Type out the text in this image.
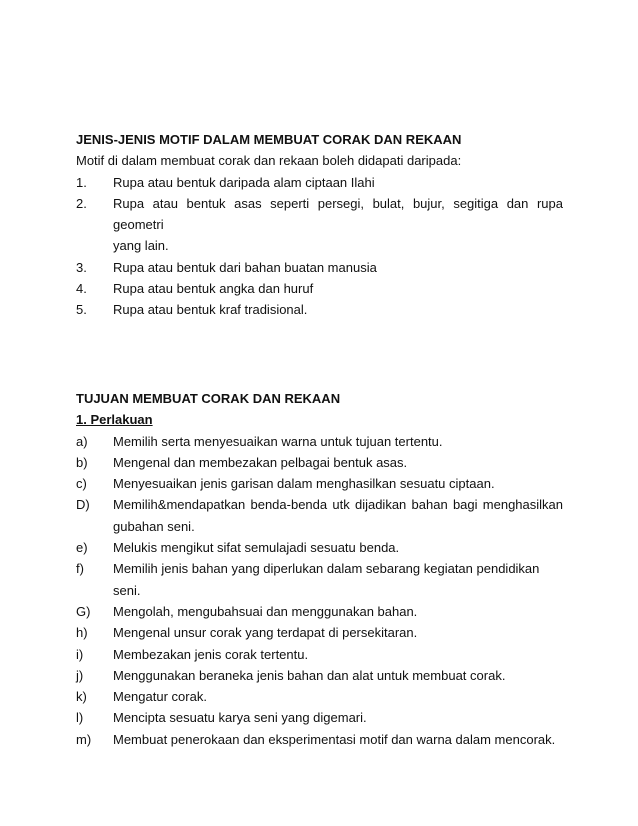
JENIS-JENIS MOTIF DALAM MEMBUAT CORAK DAN REKAAN
Motif di dalam membuat corak dan rekaan boleh didapati daripada:
1.	Rupa atau bentuk daripada alam ciptaan Ilahi
2.	Rupa atau bentuk asas seperti persegi, bulat, bujur, segitiga dan rupa geometri
yang lain.
3.	Rupa atau bentuk dari bahan buatan manusia
4.	Rupa atau bentuk angka dan huruf
5.	Rupa atau bentuk kraf tradisional.
TUJUAN MEMBUAT CORAK DAN REKAAN
1. Perlakuan
a)	Memilih serta menyesuaikan warna untuk tujuan tertentu.
b)	Mengenal dan membezakan pelbagai bentuk asas.
c)	Menyesuaikan jenis garisan dalam menghasilkan sesuatu ciptaan.
D)	Memilih&mendapatkan benda-benda utk dijadikan bahan bagi menghasilkan
gubahan seni.
e)	Melukis mengikut sifat semulajadi sesuatu benda.
f)	Memilih jenis bahan yang diperlukan dalam sebarang kegiatan pendidikan seni.
G)	Mengolah, mengubahsuai dan menggunakan bahan.
h)	Mengenal unsur corak yang terdapat di persekitaran.
i)	Membezakan jenis corak tertentu.
j)	Menggunakan beraneka jenis bahan dan alat untuk membuat corak.
k)	Mengatur corak.
l)	Mencipta sesuatu karya seni yang digemari.
m)	Membuat penerokaan dan eksperimentasi motif dan warna dalam mencorak.
